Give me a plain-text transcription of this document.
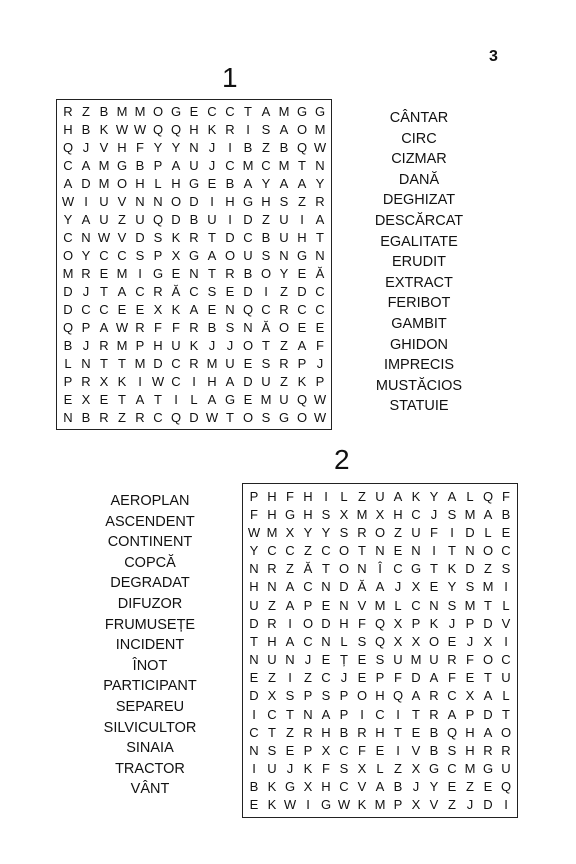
3
1
R Z B M M O G E C C T A M G G
H B K W W Q Q H K R I S A O M
Q J V H F Y Y N J I B Z B Q W
C A M G B P A U J C M C M T N
A D M O H L H G E B A Y A A Y
W I U V N N O D I H G H S Z R
Y A U Z U Q D B U I D Z U I A
C N W V D S K R T D C B U H T
O Y C C S P X G A O U S N G N
M R E M I G E N T R B O Y E Ă
D J T A C R Ă C S E D I Z D C
D C C E E X K A E N Q C R C C
Q P A W R F F R B S N Ă O E E
B J R M P H U K J J O T Z A F
L N T T M D C R M U E S R P J
P R X K I W C I H A D U Z K P
E X E T A T I L A G E M U Q W
N B R Z R C Q D W T O S G O W
CÂNTAR
CIRC
CIZMAR
DANĂ
DEGHIZAT
DESCĂRCAT
EGALITATE
ERUDIT
EXTRACT
FERIBOT
GAMBIT
GHIDON
IMPRECIS
MUSTĂCIOS
STATUIE
2
P H F H I L Z U A K Y A L Q F
F H G H S X M X H C J S M A B
W M X Y Y S R O Z U F I D L E
Y C C Z C O T N E N I T N O C
N R Z Ă T O N Î C G T K D Z S
H N A C N D Ă A J X E Y S M I
U Z A P E N V M L C N S M T L
D R I O D H F Q X P K J P D V
T H A C N L S Q X X O E J X I
N U N J E Ț E S U M U R F O C
E Z I Z C J E P F D A F E T U
D X S P S P O H Q A R C X A L
I C T N A P I C I T R A P D T
C T Z R H B R H T E B Q H A O
N S E P X C F E I V B S H R R
I U J K F S X L Z X G C M G U
B K G X H C V A B J Y E Z E Q
E K W I G W K M P X V Z J D I
AEROPLAN
ASCENDENT
CONTINENT
COPCĂ
DEGRADAT
DIFUZOR
FRUMUSEȚE
INCIDENT
ÎNOT
PARTICIPANT
SEPAREU
SILVICULTOR
SINAIA
TRACTOR
VÂNT
